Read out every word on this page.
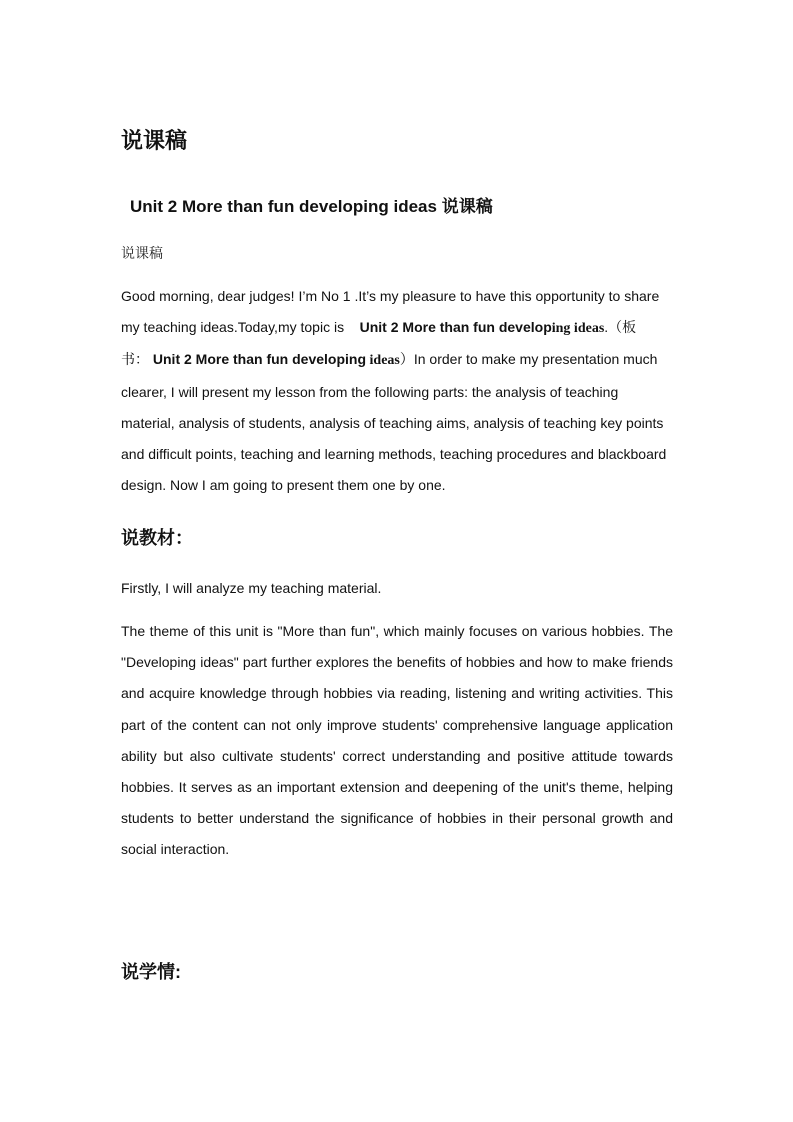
说课稿
Unit 2 More than fun developing ideas 说课稿

说课稿

Good morning, dear judges! I’m No 1 .It’s my pleasure to have this opportunity to share my teaching ideas.Today,my topic is    Unit 2 More than fun developing ideas.（板书： Unit 2 More than fun developing ideas）In order to make my presentation much clearer, I will present my lesson from the following parts: the analysis of teaching material, analysis of students, analysis of teaching aims, analysis of teaching key points and difficult points, teaching and learning methods, teaching procedures and blackboard design. Now I am going to present them one by one.

说教材：

Firstly, I will analyze my teaching material.

The theme of this unit is "More than fun", which mainly focuses on various hobbies. The "Developing ideas" part further explores the benefits of hobbies and how to make friends and acquire knowledge through hobbies via reading, listening and writing activities. This part of the content can not only improve students' comprehensive language application ability but also cultivate students' correct understanding and positive attitude towards hobbies. It serves as an important extension and deepening of the unit's theme, helping students to better understand the significance of hobbies in their personal growth and social interaction.

说学情:
